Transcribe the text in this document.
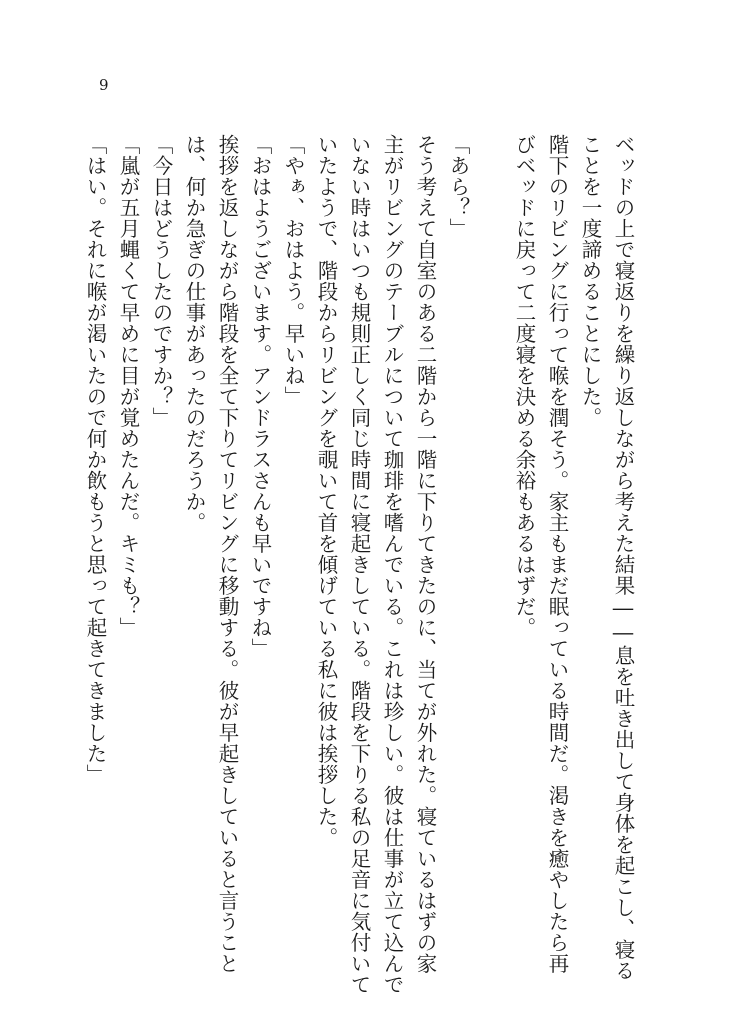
9
ベッドの上で寝返りを繰り返しながら考えた結果――息を吐き出して身体を起こし、寝る
ことを一度諦めることにした。
階下のリビングに行って喉を潤そう。家主もまだ眠っている時間だ。渇きを癒やしたら再
びベッドに戻って二度寝を決める余裕もあるはずだ。

「あら？」
そう考えて自室のある二階から一階に下りてきたのに、当てが外れた。寝ているはずの家
主がリビングのテーブルについて珈琲を嗜んでいる。これは珍しい。彼は仕事が立て込んで
いない時はいつも規則正しく同じ時間に寝起きしている。階段を下りる私の足音に気付いて
いたようで、階段からリビングを覗いて首を傾げている私に彼は挨拶した。
「やぁ、おはよう。早いね」
「おはようございます。アンドラスさんも早いですね」
挨拶を返しながら階段を全て下りてリビングに移動する。彼が早起きしていると言うこと
は、何か急ぎの仕事があったのだろうか。
「今日はどうしたのですか？」
「嵐が五月蝿くて早めに目が覚めたんだ。キミも？」
「はい。それに喉が渇いたので何か飲もうと思って起きてきました」
